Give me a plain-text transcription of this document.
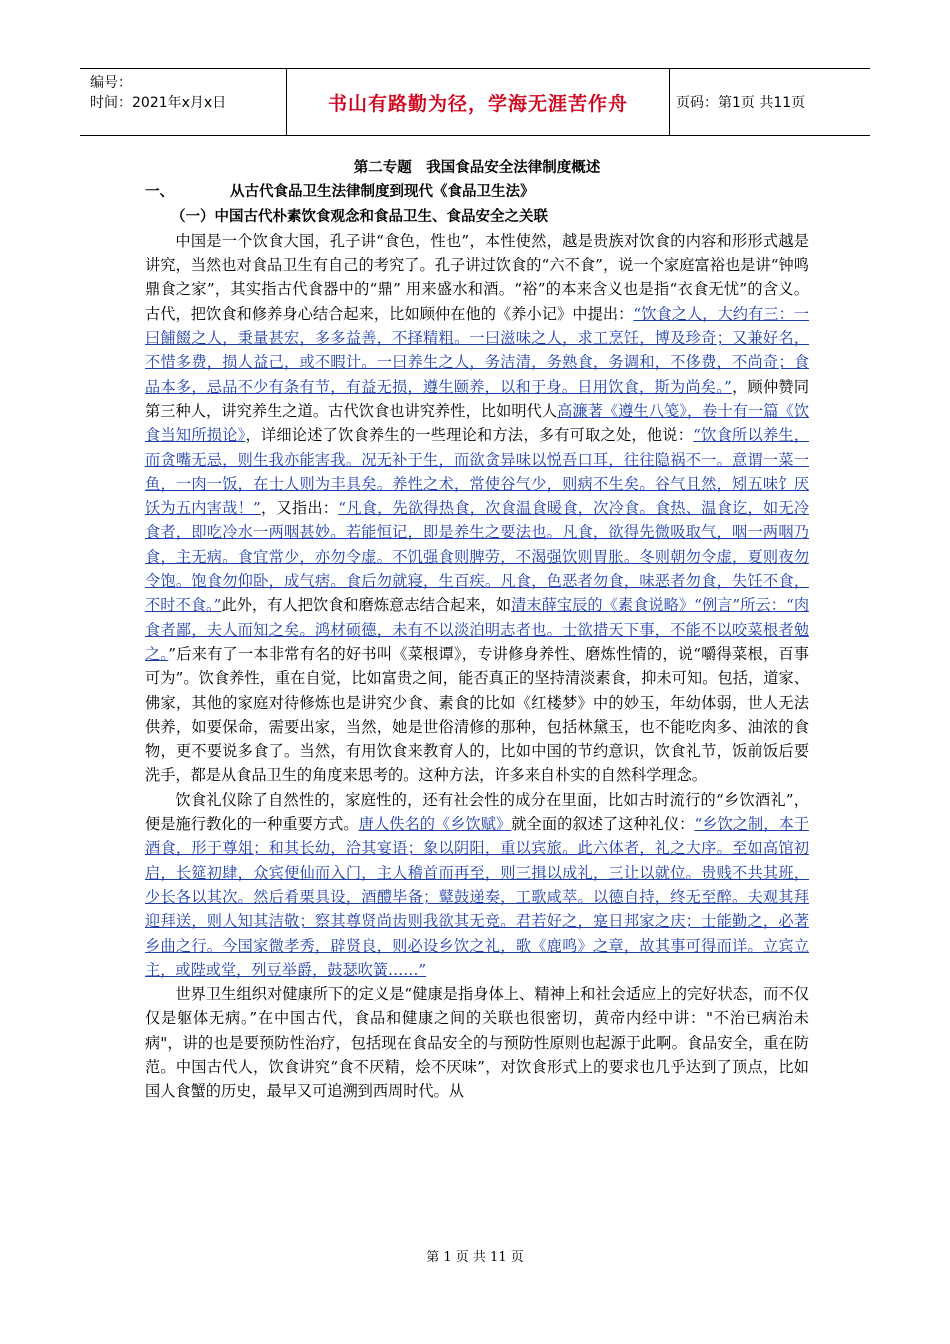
编号：
时间：2021年x月x日	书山有路勤为径，学海无涯苦作舟	页码：第1页 共11页
第二专题　我国食品安全法律制度概述
一、	从古代食品卫生法律制度到现代《食品卫生法》
（一）中国古代朴素饮食观念和食品卫生、食品安全之关联

中国是一个饮食大国，孔子讲“食色，性也”，本性使然，越是贵族对饮食的内容和形形式越是讲究，当然也对食品卫生有自己的考究了。孔子讲过饮食的“六不食”，说一个家庭富裕也是讲“钟鸣鼎食之家”，其实指古代食器中的“鼎” 用来盛水和酒。“裕”的本来含义也是指“衣食无忧”的含义。古代，把饮食和修养身心结合起来，比如顾仲在他的《养小记》中提出：“饮食之人，大约有三：一曰餔餟之人，秉量甚宏，多多益善，不择精粗。一曰滋味之人，求工烹饪，博及珍奇；又兼好名，不惜多费，损人益己，或不暇计。一曰养生之人，务洁清，务熟食，务调和，不侈费，不尚奇；食品本多，忌品不少有条有节，有益无损，遵生颐养，以和于身。日用饮食，斯为尚矣。”，顾仲赞同第三种人，讲究养生之道。古代饮食也讲究养性，比如明代人高濂著《遵生八笺》，卷十有一篇《饮食当知所损论》，详细论述了饮食养生的一些理论和方法，多有可取之处，他说：“饮食所以养生，而贪嘴无忌，则生我亦能害我。况无补于生，而欲贪异味以悦吾口耳，往往隐祸不一。意谓一菜一鱼，一肉一饭，在士人则为丰具矣。养性之术，常使谷气少，则病不生矣。谷气且然，矧五味饣厌饫为五内害哉！”，又指出：“凡食，先欲得热食，次食温食暖食，次冷食。食热、温食讫，如无冷食者，即吃冷水一两咽甚妙。若能恒记，即是养生之要法也。凡食，欲得先微吸取气，咽一两咽乃食，主无病。食宜常少，亦勿令虚。不饥强食则脾劳，不渴强饮则胃胀。冬则朝勿令虚，夏则夜勿令饱。饱食勿仰卧，成气痞。食后勿就寝，生百疾。凡食，色恶者勿食，味恶者勿食，失饪不食，不时不食。”此外，有人把饮食和磨炼意志结合起来，如清末薛宝辰的《素食说略》“例言”所云：“肉食者鄙，夫人而知之矣。鸿材硕德，未有不以淡泊明志者也。士欲措天下事，不能不以咬菜根者勉之。”后来有了一本非常有名的好书叫《菜根谭》，专讲修身养性、磨炼性情的，说“嚼得菜根，百事可为”。饮食养性，重在自觉，比如富贵之间，能否真正的坚持清淡素食，抑未可知。包括，道家、佛家，其他的家庭对待修炼也是讲究少食、素食的比如《红楼梦》中的妙玉，年幼体弱，世人无法供养，如要保命，需要出家，当然，她是世俗清修的那种，包括林黛玉，也不能吃肉多、油浓的食物，更不要说多食了。当然，有用饮食来教育人的，比如中国的节约意识，饮食礼节，饭前饭后要洗手，都是从食品卫生的角度来思考的。这种方法，许多来自朴实的自然科学理念。

饮食礼仪除了自然性的，家庭性的，还有社会性的成分在里面，比如古时流行的“乡饮酒礼”，便是施行教化的一种重要方式。唐人佚名的《乡饮赋》就全面的叙述了这种礼仪：“乡饮之制，本于酒食，形于尊俎；和其长幼，洽其宴语；象以阴阳，重以宾旅。此六体者，礼之大序。至如高馆初启，长筵初肆，众宾便仙而入门，主人稽首而再至，则三揖以成礼，三让以就位。贵贱不共其班，少长各以其次。然后肴栗具设，酒醴毕备；鼙鼓递奏，工歌咸萃。以德自持，终无至醉。夫观其拜迎拜送，则人知其洁敬；察其尊贤尚齿则我欲其无竞。君若好之，寔日邦家之庆；士能勤之，必著乡曲之行。今国家微孝秀，辟贤良，则必设乡饮之礼，歌《鹿鸣》之章，故其事可得而详。立宾立主，或陛或堂，列豆举爵，鼓瑟吹簧……”

世界卫生组织对健康所下的定义是“健康是指身体上、精神上和社会适应上的完好状态，而不仅仅是躯体无病。”在中国古代，食品和健康之间的关联也很密切，黄帝内经中讲："不治已病治未病"，讲的也是要预防性治疗，包括现在食品安全的与预防性原则也起源于此啊。食品安全，重在防范。中国古代人，饮食讲究“食不厌精，烩不厌味”，对饮食形式上的要求也几乎达到了顶点，比如国人食蟹的历史，最早又可追溯到西周时代。从

第 1 页 共 11 页
